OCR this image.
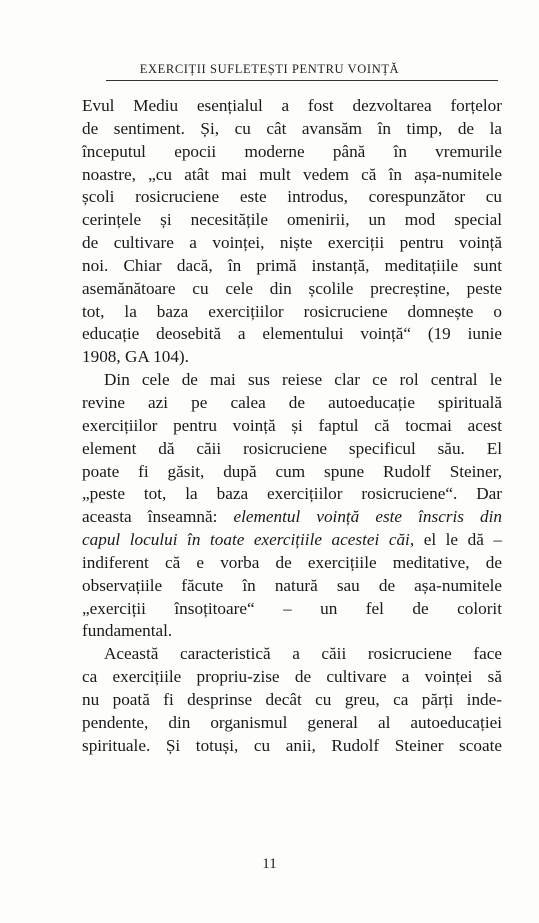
EXERCIȚII SUFLETEȘTI PENTRU VOINȚĂ
Evul Mediu esențialul a fost dezvoltarea forțelor
de sentiment. Și, cu cât avansăm în timp, de la
începutul epocii moderne până în vremurile
noastre, „cu atât mai mult vedem că în așa-numitele
școli rosicruciene este introdus, corespunzător cu
cerințele și necesitățile omenirii, un mod special
de cultivare a voinței, niște exerciții pentru voință
noi. Chiar dacă, în primă instanță, meditațiile sunt
asemănătoare cu cele din școlile precreștine, peste
tot, la baza exercițiilor rosicruciene domnește o
educație deosebită a elementului voință“ (19 iunie
1908, GA 104).
Din cele de mai sus reiese clar ce rol central le
revine azi pe calea de autoeducație spirituală
exercițiilor pentru voință și faptul că tocmai acest
element dă căii rosicruciene specificul său. El
poate fi găsit, după cum spune Rudolf Steiner,
„peste tot, la baza exercițiilor rosicruciene“. Dar
aceasta înseamnă: elementul voință este înscris din
capul locului în toate exercițiile acestei căi, el le dă –
indiferent că e vorba de exercițiile meditative, de
observațiile făcute în natură sau de așa-numitele
„exerciții însoțitoare“ – un fel de colorit
fundamental.
Această caracteristică a căii rosicruciene face
ca exercițiile propriu-zise de cultivare a voinței să
nu poată fi desprinse decât cu greu, ca părți inde-
pendente, din organismul general al autoeducației
spirituale. Și totuși, cu anii, Rudolf Steiner scoate
11
